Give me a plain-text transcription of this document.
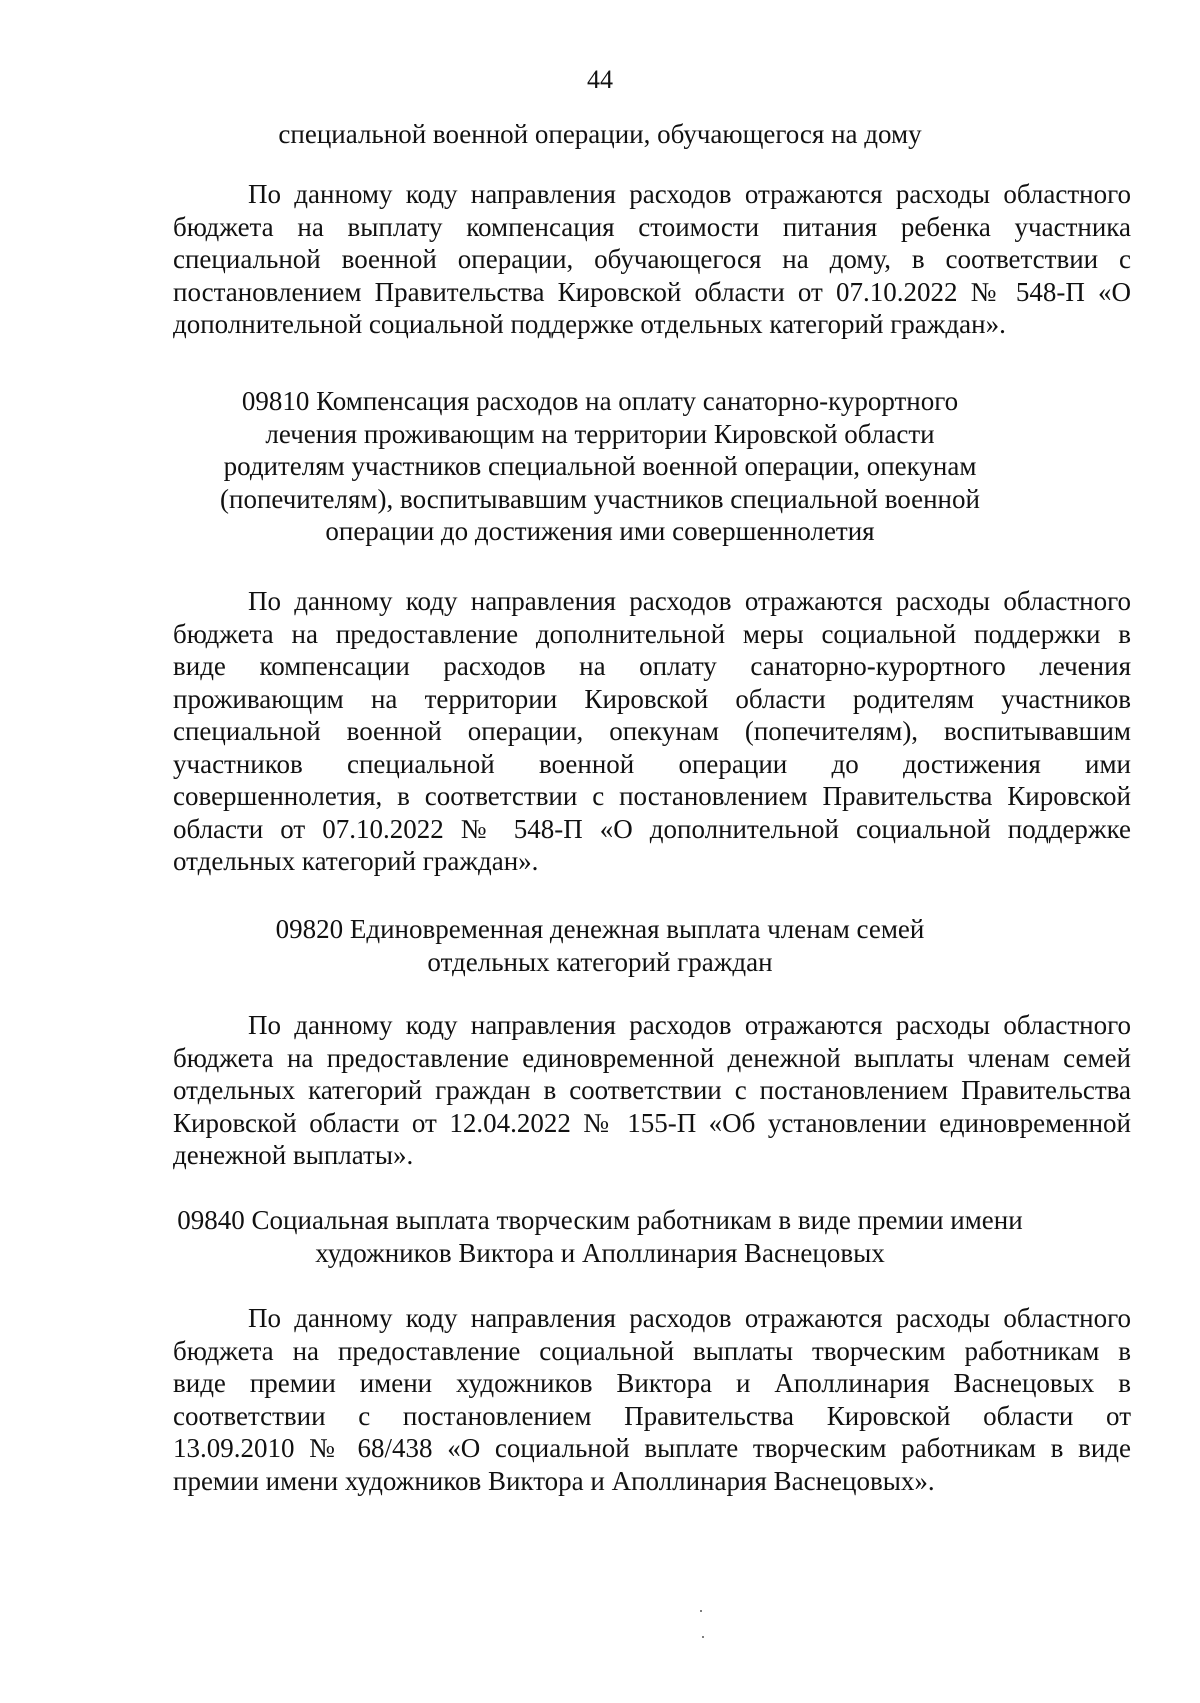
44
специальной военной операции, обучающегося на дому
По данному коду направления расходов отражаются расходы областного
бюджета на выплату компенсация стоимости питания ребенка участника
специальной военной операции, обучающегося на дому, в соответствии с
постановлением Правительства Кировской области от 07.10.2022 № 548-П «О
дополнительной социальной поддержке отдельных категорий граждан».
09810 Компенсация расходов на оплату санаторно-курортного
лечения проживающим на территории Кировской области
родителям участников специальной военной операции, опекунам
(попечителям), воспитывавшим участников специальной военной
операции до достижения ими совершеннолетия
По данному коду направления расходов отражаются расходы областного
бюджета на предоставление дополнительной меры социальной поддержки в
виде компенсации расходов на оплату санаторно-курортного лечения
проживающим на территории Кировской области родителям участников
специальной военной операции, опекунам (попечителям), воспитывавшим
участников специальной военной операции до достижения ими
совершеннолетия, в соответствии с постановлением Правительства Кировской
области от 07.10.2022 № 548-П «О дополнительной социальной поддержке
отдельных категорий граждан».
09820 Единовременная денежная выплата членам семей
отдельных категорий граждан
По данному коду направления расходов отражаются расходы областного
бюджета на предоставление единовременной денежной выплаты членам семей
отдельных категорий граждан в соответствии с постановлением Правительства
Кировской области от 12.04.2022 № 155-П «Об установлении единовременной
денежной выплаты».
09840 Социальная выплата творческим работникам в виде премии имени
художников Виктора и Аполлинария Васнецовых
По данному коду направления расходов отражаются расходы областного
бюджета на предоставление социальной выплаты творческим работникам в
виде премии имени художников Виктора и Аполлинария Васнецовых в
соответствии с постановлением Правительства Кировской области от
13.09.2010 № 68/438 «О социальной выплате творческим работникам в виде
премии имени художников Виктора и Аполлинария Васнецовых».
